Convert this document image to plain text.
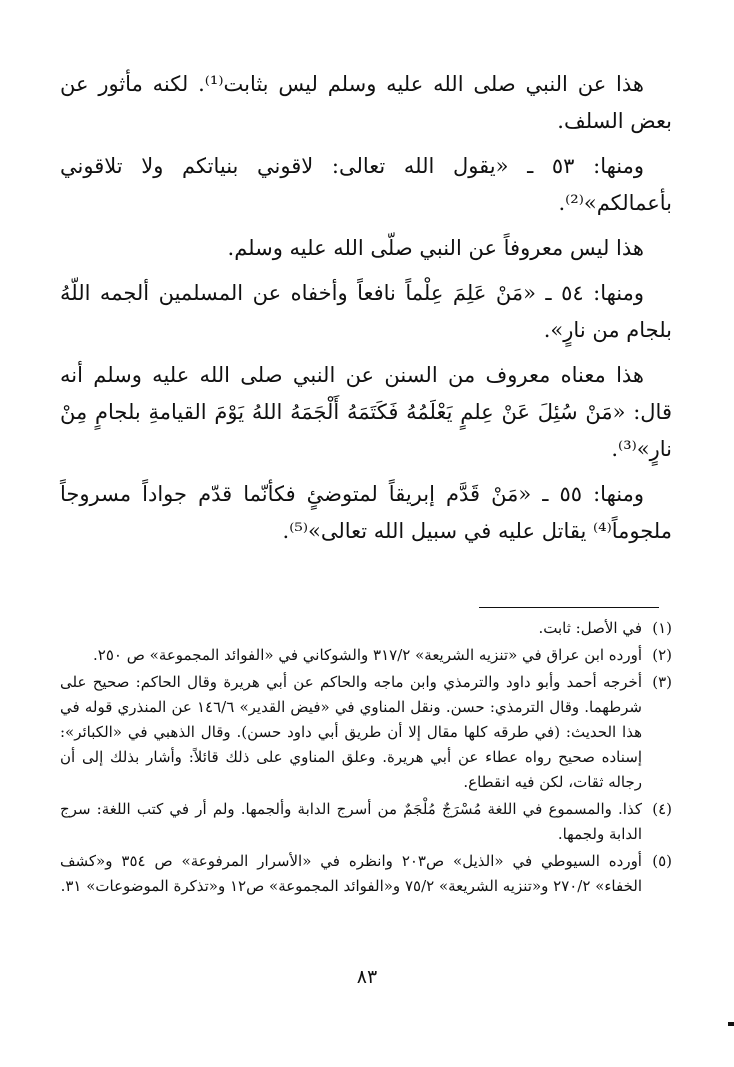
هذا عن النبي صلى الله عليه وسلم ليس بثابت⁽¹⁾. لكنه مأثور عن بعض السلف.

ومنها: ٥٣ ـ «يقول الله تعالى: لاقوني بنياتكم ولا تلاقوني بأعمالكم»⁽²⁾.

هذا ليس معروفاً عن النبي صلّى الله عليه وسلم.

ومنها: ٥٤ ـ «مَنْ عَلِمَ عِلْماً نافعاً وأخفاه عن المسلمين ألجمه اللّهُ بلجام من نارٍ».

هذا معناه معروف من السنن عن النبي صلى الله عليه وسلم أنه قال: «مَنْ سُئِلَ عَنْ عِلمٍ يَعْلَمُهُ فَكَتَمَهُ أَلْجَمَهُ اللهُ يَوْمَ القيامةِ بلجامٍ مِنْ نارٍ»⁽³⁾.

ومنها: ٥٥ ـ «مَنْ قَدَّم إبريقاً لمتوضئٍ فكأنّما قدّم جواداً مسروجاً ملجوماً⁽⁴⁾ يقاتل عليه في سبيل الله تعالى»⁽⁵⁾.

(١)
في الأصل: ثابت.
(٢)
أورده ابن عراق في «تنزيه الشريعة» ٣١٧/٢ والشوكاني في «الفوائد المجموعة» ص ٢٥٠.
(٣)
أخرجه أحمد وأبو داود والترمذي وابن ماجه والحاكم عن أبي هريرة وقال الحاكم: صحيح على شرطهما. وقال الترمذي: حسن. ونقل المناوي في «فيض القدير» ١٤٦/٦ عن المنذري قوله في هذا الحديث: (في طرقه كلها مقال إلا أن طريق أبي داود حسن). وقال الذهبي في «الكبائر»: إسناده صحيح رواه عطاء عن أبي هريرة. وعلق المناوي على ذلك قائلاً: وأشار بذلك إلى أن رجاله ثقات، لكن فيه انقطاع.
(٤)
كذا. والمسموع في اللغة مُسْرَجٌ مُلْجَمٌ من أسرج الدابة وألجمها. ولم أر في كتب اللغة: سرج الدابة ولجمها.
(٥)
أورده السيوطي في «الذيل» ص٢٠٣ وانظره في «الأسرار المرفوعة» ص ٣٥٤ و«كشف الخفاء» ٢٧٠/٢ و«تنزيه الشريعة» ٧٥/٢ و«الفوائد المجموعة» ص١٢ و«تذكرة الموضوعات» ٣١.
٨٣
